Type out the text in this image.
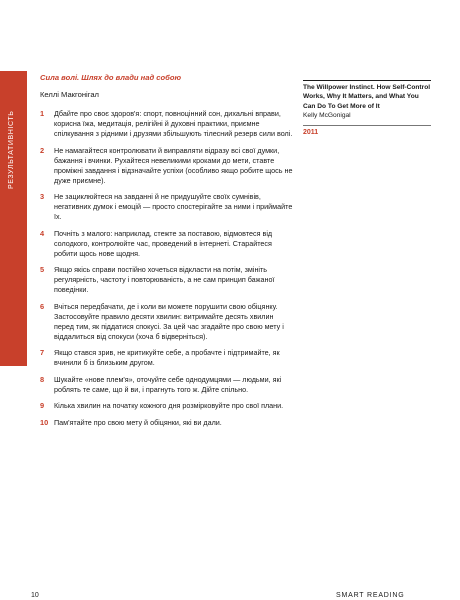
РЕЗУЛЬТАТИВНІСТЬ
Сила волі. Шлях до влади над собою
Келлі Макгонігал
1 Дбайте про своє здоров'я: спорт, повноцінний сон, дихальні вправи, корисна їжа, медитація, релігійні й духовні практики, приємне спілкування з рідними і друзями збільшують тілесний резерв сили волі.
2 Не намагайтеся контролювати й виправляти відразу всі свої думки, бажання і вчинки. Рухайтеся невеликими кроками до мети, ставте проміжні завдання і відзначайте успіхи (особливо якщо робите щось не дуже приємне).
3 Не зациклюйтеся на завданні й не придушуйте своїх сумнівів, негативних думок і емоцій — просто спостерігайте за ними і приймайте їх.
4 Почніть з малого: наприклад, стежте за поставою, відмовтеся від солодкого, контролюйте час, проведений в інтернеті. Старайтеся робити щось нове щодня.
5 Якщо якісь справи постійно хочеться відкласти на потім, змініть регулярність, частоту і повторюваність, а не сам принцип бажаної поведінки.
6 Вчіться передбачати, де і коли ви можете порушити свою обіцянку. Застосовуйте правило десяти хвилин: витримайте десять хвилин перед тим, як піддатися спокусі. За цей час згадайте про свою мету і віддалиться від спокуси (хоча б відверніться).
7 Якщо стався зрив, не критикуйте себе, а пробачте і підтримайте, як вчинили б із близьким другом.
8 Шукайте «нове плем'я», оточуйте себе однодумцями — людьми, які роблять те саме, що й ви, і прагнуть того ж. Дійте спільно.
9 Кілька хвилин на початку кожного дня розмірковуйте про свої плани.
10 Пам'ятайте про свою мету й обіцянки, які ви дали.
The Willpower Instinct. How Self-Control Works, Why It Matters, and What You Can Do To Get More of It
Kelly McGonigal
2011
10	SMART READING
